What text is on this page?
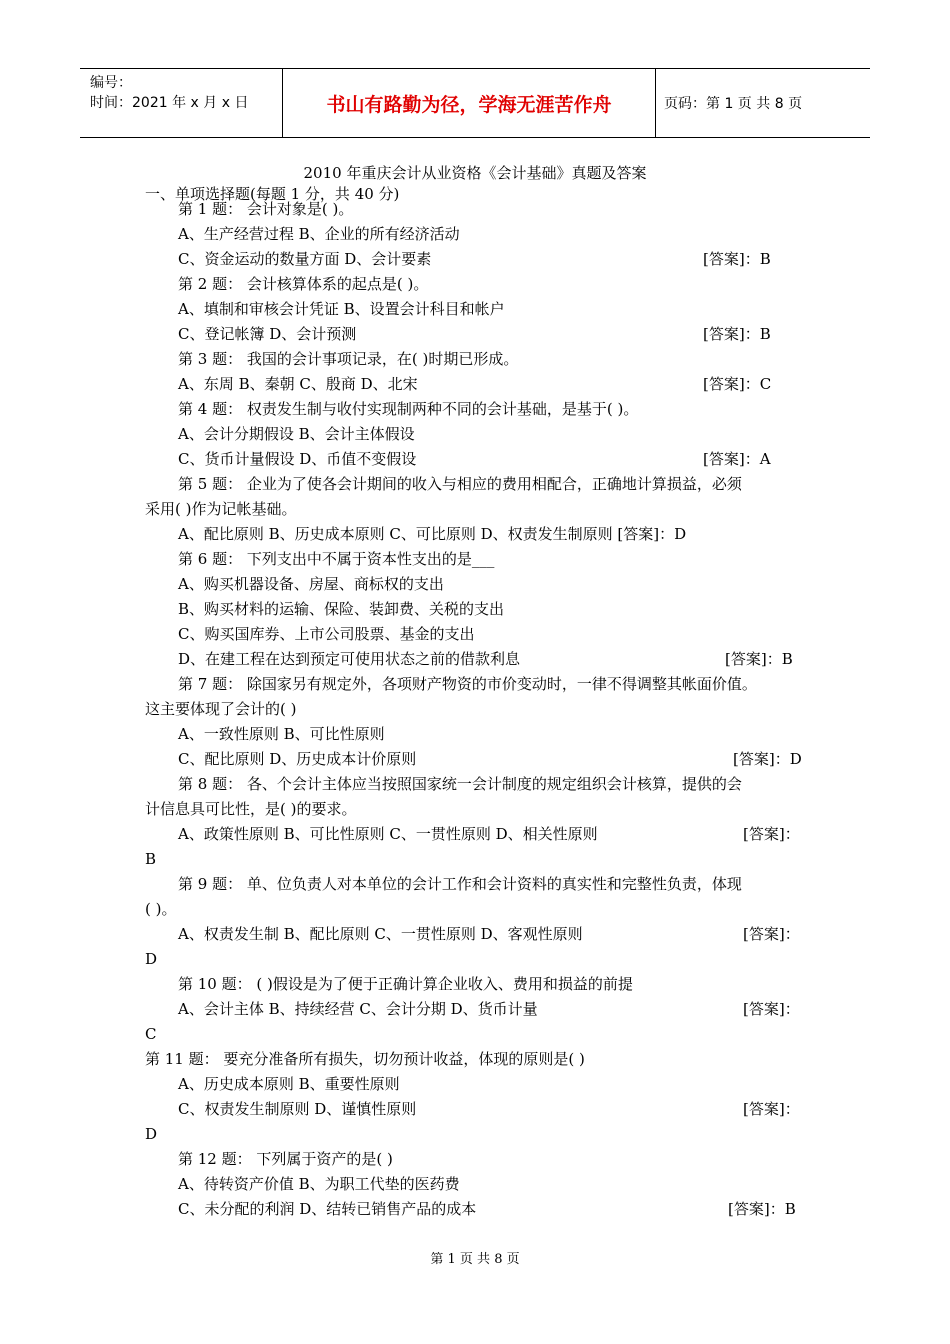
编号：
时间：2021 年 x 月 x 日	书山有路勤为径，学海无涯苦作舟	页码：第 1 页 共 8 页
2010 年重庆会计从业资格《会计基础》真题及答案
一、单项选择题(每题 1 分，共 40 分)
第 1 题： 会计对象是( )。
A、生产经营过程 B、企业的所有经济活动
C、资金运动的数量方面 D、会计要素	[答案]：B
第 2 题： 会计核算体系的起点是( )。
A、填制和审核会计凭证 B、设置会计科目和帐户
C、登记帐簿 D、会计预测	[答案]：B
第 3 题： 我国的会计事项记录，在( )时期已形成。
A、东周 B、秦朝 C、殷商 D、北宋	[答案]：C
第 4 题： 权责发生制与收付实现制两种不同的会计基础，是基于( )。
A、会计分期假设 B、会计主体假设
C、货币计量假设 D、币值不变假设	[答案]：A
第 5 题： 企业为了使各会计期间的收入与相应的费用相配合，正确地计算损益，必须
采用( )作为记帐基础。
A、配比原则 B、历史成本原则 C、可比原则 D、权责发生制原则 [答案]：D
第 6 题： 下列支出中不属于资本性支出的是___
A、购买机器设备、房屋、商标权的支出
B、购买材料的运输、保险、装卸费、关税的支出
C、购买国库券、上市公司股票、基金的支出
D、在建工程在达到预定可使用状态之前的借款利息	[答案]：B
第 7 题： 除国家另有规定外，各项财产物资的市价变动时，一律不得调整其帐面价值。
这主要体现了会计的( )
A、一致性原则 B、可比性原则
C、配比原则 D、历史成本计价原则	[答案]：D
第 8 题： 各、个会计主体应当按照国家统一会计制度的规定组织会计核算，提供的会
计信息具可比性，是( )的要求。
A、政策性原则 B、可比性原则 C、一贯性原则 D、相关性原则	[答案]：
B
第 9 题： 单、位负责人对本单位的会计工作和会计资料的真实性和完整性负责，体现
( )。
A、权责发生制 B、配比原则 C、一贯性原则 D、客观性原则	[答案]：
D
第 10 题： ( )假设是为了便于正确计算企业收入、费用和损益的前提
A、会计主体 B、持续经营 C、会计分期 D、货币计量	[答案]：
C
第 11 题： 要充分准备所有损失，切勿预计收益，体现的原则是( )
A、历史成本原则 B、重要性原则
C、权责发生制原则 D、谨慎性原则	[答案]：
D
第 12 题： 下列属于资产的是( )
A、待转资产价值 B、为职工代垫的医药费
C、未分配的利润 D、结转已销售产品的成本	[答案]：B
第 1 页 共 8 页
